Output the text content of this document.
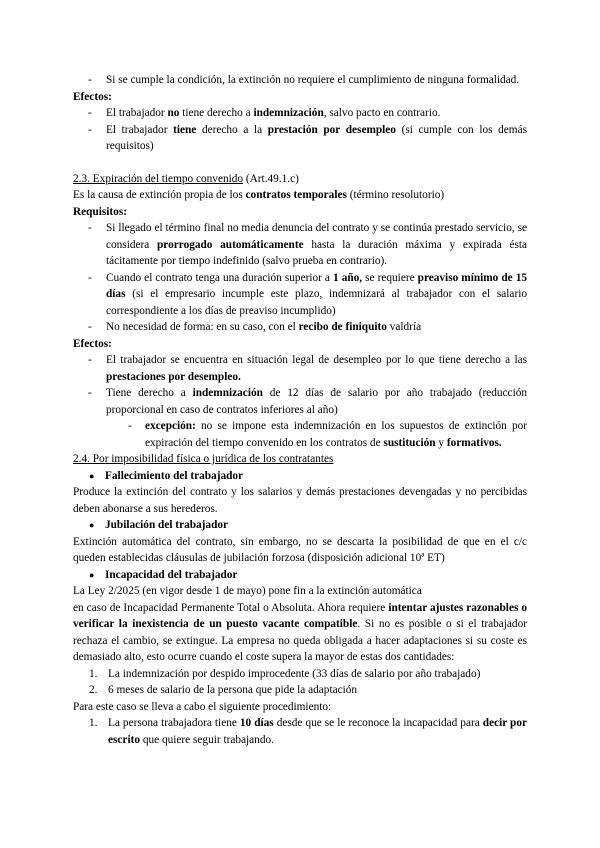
-	Si se cumple la condición, la extinción no requiere el cumplimiento de ninguna formalidad.

Efectos:

-	El trabajador no tiene derecho a indemnización, salvo pacto en contrario.
-	El trabajador tiene derecho a la prestación por desempleo (si cumple con los demás requisitos)

2.3. Expiración del tiempo convenido (Art.49.1.c)

Es la causa de extinción propia de los contratos temporales (término resolutorio)

Requisitos:

-	Si llegado el término final no media denuncia del contrato y se continúa prestado servicio, se considera prorrogado automáticamente hasta la duración máxima y expirada ésta tácitamente por tiempo indefinido (salvo prueba en contrario).
-	Cuando el contrato tenga una duración superior a 1 año, se requiere preaviso mínimo de 15 días (si el empresario incumple este plazo, indemnizará al trabajador con el salario correspondiente a los días de preaviso incumplido)
-	No necesidad de forma: en su caso, con el recibo de finiquito valdría

Efectos:

-	El trabajador se encuentra en situación legal de desempleo por lo que tiene derecho a las prestaciones por desempleo.
-	Tiene derecho a indemnización de 12 días de salario por año trabajado (reducción proporcional en caso de contratos inferiores al año)
-	excepción: no se impone esta indemnización en los supuestos de extinción por expiración del tiempo convenido en los contratos de sustitución y formativos.

2.4. Por imposibilidad física o jurídica de los contratantes

● Fallecimiento del trabajador

Produce la extinción del contrato y los salarios y demás prestaciones devengadas y no percibidas deben abonarse a sus herederos.

● Jubilación del trabajador

Extinción automática del contrato, sin embargo, no se descarta la posibilidad de que en el c/c queden establecidas cláusulas de jubilación forzosa (disposición adicional 10ª ET)

● Incapacidad del trabajador

La Ley 2/2025 (en vigor desde 1 de mayo) pone fin a la extinción automática

en caso de Incapacidad Permanente Total o Absoluta. Ahora requiere intentar ajustes razonables o verificar la inexistencia de un puesto vacante compatible. Si no es posible o si el trabajador rechaza el cambio, se extingue. La empresa no queda obligada a hacer adaptaciones si su coste es demasiado alto, esto ocurre cuando el coste supera la mayor de estas dos cantidades:

1. La indemnización por despido improcedente (33 días de salario por año trabajado)
2. 6 meses de salario de la persona que pide la adaptación

Para este caso se lleva a cabo el siguiente procedimiento:

1. La persona trabajadora tiene 10 días desde que se le reconoce la incapacidad para decir por escrito que quiere seguir trabajando.
